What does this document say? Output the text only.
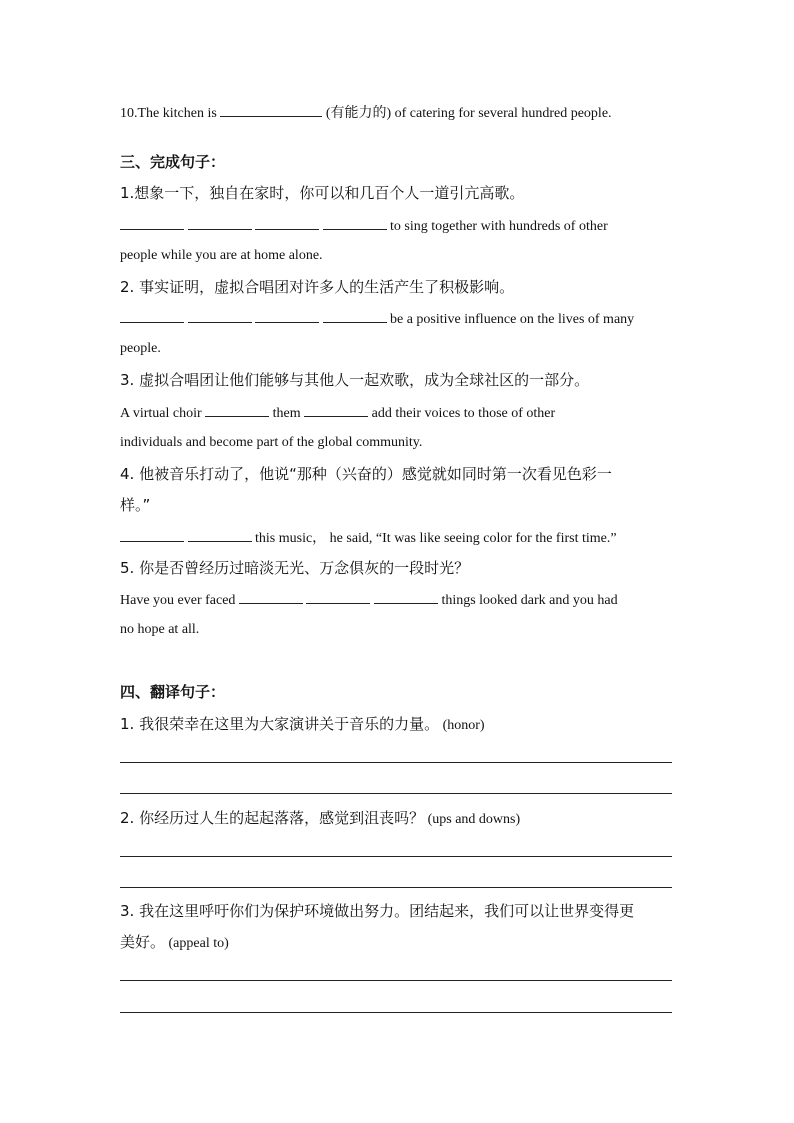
10.The kitchen is	(有能力的) of catering for several hundred people.
三、完成句子：
1.想象一下，独自在家时，你可以和几百个人一道引亢高歌。
to sing together with hundreds of other
people while you are at home alone.
2. 事实证明，虚拟合唱团对许多人的生活产生了积极影响。
be a positive influence on the lives of many
people.
3. 虚拟合唱团让他们能够与其他人一起欢歌，成为全球社区的一部分。
A virtual choir	them	add their voices to those of other
individuals and become part of the global community.
4. 他被音乐打动了，他说“那种（兴奋的）感觉就如同时第一次看见色彩一
样。”
this music， he said, “It was like seeing color for the first time.”
5. 你是否曾经历过暗淡无光、万念俱灰的一段时光？
Have you ever faced	things looked dark and you had
no hope at all.
四、翻译句子：
1. 我很荣幸在这里为大家演讲关于音乐的力量。 (honor)
2. 你经历过人生的起起落落，感觉到沮丧吗？ (ups and downs)
3. 我在这里呼吁你们为保护环境做出努力。团结起来，我们可以让世界变得更
美好。 (appeal to)
